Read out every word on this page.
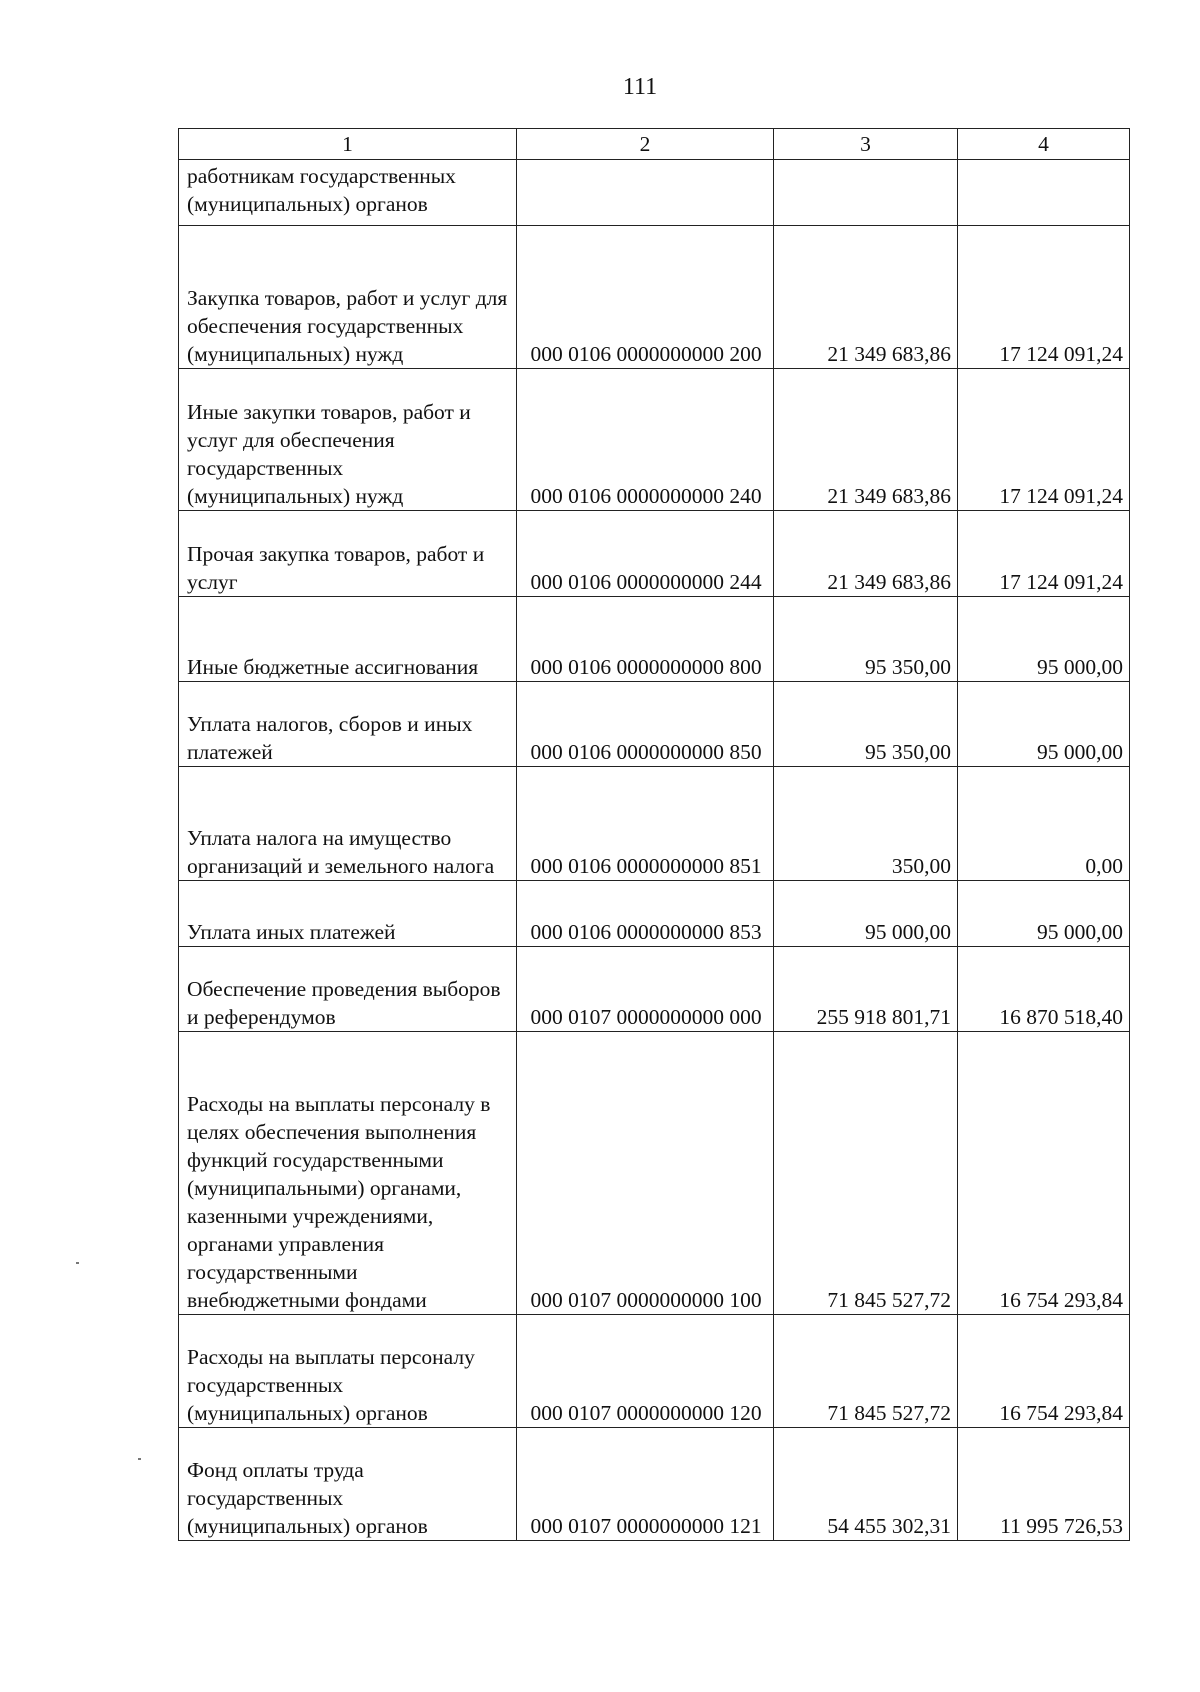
111
1	2	3	4
работникам государственных (муниципальных) органов			
Закупка товаров, работ и услуг для обеспечения государственных (муниципальных) нужд	000 0106 0000000000 200	21 349 683,86	17 124 091,24
Иные закупки товаров, работ и услуг для обеспечения государственных (муниципальных) нужд	000 0106 0000000000 240	21 349 683,86	17 124 091,24
Прочая закупка товаров, работ и услуг	000 0106 0000000000 244	21 349 683,86	17 124 091,24
Иные бюджетные ассигнования	000 0106 0000000000 800	95 350,00	95 000,00
Уплата налогов, сборов и иных платежей	000 0106 0000000000 850	95 350,00	95 000,00
Уплата налога на имущество организаций и земельного налога	000 0106 0000000000 851	350,00	0,00
Уплата иных платежей	000 0106 0000000000 853	95 000,00	95 000,00
Обеспечение проведения выборов и референдумов	000 0107 0000000000 000	255 918 801,71	16 870 518,40
Расходы на выплаты персоналу в целях обеспечения выполнения функций государственными (муниципальными) органами, казенными учреждениями, органами управления государственными внебюджетными фондами	000 0107 0000000000 100	71 845 527,72	16 754 293,84
Расходы на выплаты персоналу государственных (муниципальных) органов	000 0107 0000000000 120	71 845 527,72	16 754 293,84
Фонд оплаты труда государственных (муниципальных) органов	000 0107 0000000000 121	54 455 302,31	11 995 726,53
